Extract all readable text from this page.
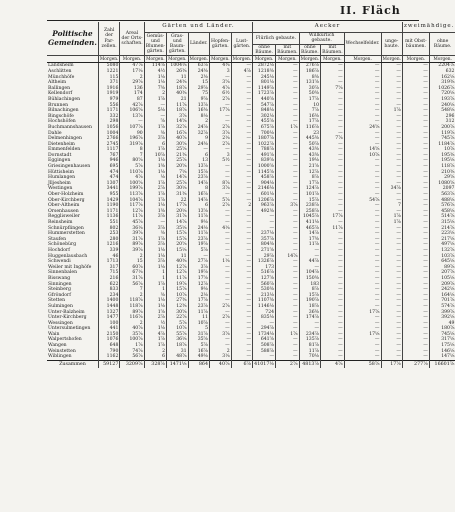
II. Fläch
Politische Gemeinden.	Zahl der Par-zellen.	Areal der Orts-schaften.	Gärten und Länder.					Aecker						zweimähdige.	
			Gemüs- und Blumen-gärten.	Gras- und Baum-gärten.	Länder.	Hopfen-gärten.	Lust-gärten.	Flürlich gebaute.		Willkürlich gebaute.		Wechselfelder.	unge-baute.	mit Obst-bäumen.	ohne Bäume.
								ohne Bäume.	mit Bäumen.	ohne Bäume.	mit Bäumen.				
	Morgen.	Morgen.	Morgen.	Morgen.	Morgen.	Morgen.	Morgen.	Morgen.	Morgen.	Morgen.	Morgen.	Morgen.	Morgen.	Morgen.	Morgen.
Landsheim	5080	47⅞	114⅝	1004⅛	63⅞	4⅜	—	2872⅛	—	276⅞	—	—	—	—	2204⅞
Aschlitten	1221	17⅛	4½	26⅜	24⅜	3	4⅞	1218⅜	—	186⅞	—	—	—	—	632
Münchhöfe	115	2	1⅛	11	2⅜	—	—	245⅛	—	8⅜	—	—	—	—	162⅛
Altheim	371	29⅞	1⅛	24⅜	15	3⅝	—	801⅛	—	131⅝	—	—	—	—	319⅜
Ballingen	1916	136	7⅜	18⅞	29⅞	4⅞	—	1149⅞	—	30⅞	7⅝	—	—	—	1026⅞
Kellendorf	1919	174	2	40⅜	75	6½	—	1723⅞	—	50⅜	—	—	—	—	720⅛
Bühlachingen	979	87	1⅞	21	9⅞	2⅞	—	440⅝	—	17⅞	—	—	—	—	193⅞
Brunnen	556	42⅞	—	11⅞	13⅞	—	—	547⅞	—	10	—	—	—	—	240⅛
Bilnachingen	1171	106⅝	5⅛	18⅞	16⅜	17⅞	—	848⅛	—	7⅞	—	—	1⅞	—	548⅛
Bingschöfe	332	13⅞	—	3⅞	8⅛	—	—	302⅛	—	16⅜	—	—	—	—	296
Hochshöfen	298	—	⅝	14⅝	2	—	—	455⅝	—	17⅞	—	—	—	—	312
Buchmannshausen	1056	107⅞	1⅞	32⅞	24⅞	2⅞	—	675⅞	1⅞	116⅞	—	24⅝	—	—	200⅞
Dahle	1004	90	⅜	16⅞	32⅞	3⅞	—	700⅛	—	23	—	—	—	—	119⅞
Delmenhingen	2766	196⅞	3⅞	40⅞	9	2⅛	—	1807⅞	—	445⅜	7⅞	—	—	—	745⅞
Dietenheim	2745	319⅞	6	30⅝	24⅜	2⅞	—	1022⅞	—	50⅞	—	—	—	—	1184⅞
Emmenfelden	1117	8	1⅞	25⅝	—	—	—	788⅞	—	43⅜	—	14⅝	—	—	10⅞
Dornstadt	767	7	10⅞	21⅜	6	3	—	491⅝	—	43⅜	—	10⅞	—	—	195⅜
Eggingen	946	80⅝	1⅛	25⅞	13	5½	—	839⅝	—	19⅛	—	—	—	—	195⅛
Griesingenhausen	695	5⅞	1⅜	20⅝	13⅞	—	—	1000⅝	—	21⅝	—	—	—	—	118⅞
Hüttisheim	474	110⅞	1⅛	7⅛	15⅞	—	—	1145⅝	—	12⅞	—	—	—	—	210⅜
Humlangen	474	4⅞	⅛	14⅞	23⅞	—	—	458⅞	—	8⅞	—	—	—	—	29⅝
Jlljesheim	1307	100⅝	1⅞	25⅞	14⅞	8⅞	—	904⅛	—	17⅞	—	—	—	—	1080⅝
Westingen	3441	199⅞	2⅞	30⅛	8	3⅞	—	2146⅛	—	124⅞	—	—	34⅞	—	2097
Ober-Holzheim	955	113⅞	1⅞	31⅜	16⅞	—	—	601⅛	—	101⅞	—	—	—	—	563⅞
Ober-Kirchberg	1429	104⅞	1⅞	22	14⅞	5⅞	—	1206⅞	—	15⅞	—	54⅞	—	—	488⅛
Ober-Altheim	1190	117⅞	1⅛	17⅞	6	2⅞	2	963⅞	3⅞	238⅞	—	—	7	—	576⅞
Orsenhausen	1171	12⅞	1⅜	20⅛	13⅝	—	—	492⅜	—	258⅞	—	—	—	—	458⅛
Regglisweiler	1136	11⅞	3⅞	31⅞	11⅞	—	—	—	—	1045⅞	17⅞	—	1⅞	—	514⅞
Reinsheim	551	45⅞	—	14⅞	9⅛	—	—	—	—	411⅛	—	—	1⅞	—	315⅛
Schnürpflingen	802	36⅛	3⅞	35⅛	24⅛	4⅛	—	—	—	465⅞	11⅞	—	—	—	214⅞
Hummerstetten	253	39⅞	⅜	15⅞	11⅞	—	—	237⅛	—	14⅞	—	—	—	—	223⅛
Staufen	280	31⅞	1⅞	15⅞	23⅞	—	—	357⅞	—	17⅜	—	—	—	—	217⅛
Schönebürg	1216	89⅞	3⅞	20⅝	19⅞	—	—	804⅜	—	11⅞	—	—	—	—	497⅛
Hochdorf	339	39⅞	1⅛	15⅛	5⅞	—	—	271⅝	—	—	—	—	—	—	132⅞
Huggenlausbach	46	2	1⅛	11	—	—	—	29⅞	14⅞	—	—	—	—	—	103⅞
Schwendi	1713	15	3⅞	40⅜	27⅞	1⅛	—	1326⅞	—	44⅞	—	—	—	—	645⅛
Weiler mit Inghöfe	317	60⅞	1⅛	12⅞	3⅞	—	—	173	—	—	—	—	—	—	89⅞
Sinnenbalen	715	67⅛	1	12⅞	19⅞	—	—	516⅞	—	104⅞	—	—	—	—	207⅞
Bisswang	216	31⅞	1	11⅞	17⅝	—	—	127⅝	—	150⅜	—	—	—	—	105⅛
Sinningen	622	56⅞	1⅞	19⅞	12⅞	—	—	560⅞	—	183	—	—	—	—	209⅞
Steinberg	833	7	1	15⅞	9⅛	—	—	530⅜	—	8⅞	—	—	—	—	242⅛
Gfröndorf	234	2	⅜	10⅞	2⅛	—	—	213⅛	—	15⅞	—	—	—	—	164⅛
Stetten	1400	118⅞	1⅛	27⅜	17⅞	—	—	1107⅜	—	190⅞	—	—	—	—	701⅞
Sulmingen	1448	118⅞	1⅛	12⅜	23⅞	2⅞	—	1146⅛	—	18⅞	—	—	—	—	574⅞
Unter-Balzheim	1327	89⅞	1⅝	30⅝	11⅞	—	—	724	—	36⅜	—	17⅞	—	—	399⅞
Unter-Kirchberg	1477	116⅞	2⅞	22⅞	11	2⅞	—	835⅛	—	174⅞	—	—	—	—	392⅛
Wessingen	100	2	½	5⅞	10⅞	—	—	—	—	—	—	—	—	—	49
Untersulmetingen	441	40⅞	1⅛	10⅞	5	—	—	294⅞	—	—	—	—	—	—	180⅞
Wain	2150	35⅞	4⅞	55⅞	31⅞	3⅞	—	1734⅛	1⅞	234⅞	—	17⅛	—	—	745⅛
Walpertshofen	1076	100⅞	1⅞	36⅛	35⅝	—	—	641⅝	—	135⅞	—	—	—	—	317⅛
Wangen	648	1⅞	1⅞	18⅞	5⅞	—	—	508⅞	—	81⅞	—	—	—	—	175⅛
Weinstetten	790	74⅞	2	31	16⅞	2	—	588⅞	—	11⅞	—	—	—	—	146⅛
Wiblingen	1162	56⅞	6	48⅞	49⅛	3⅛	—	—	—	70⅛	—	—	—	—	147⅛
Zusammen	59127	3209⅞	328⅞	1471⅛	864	40⅞	6⅞	41017⅛	2⅞	4813⅞	4⅞	58⅞	17⅞	277⅞	16601⅞
